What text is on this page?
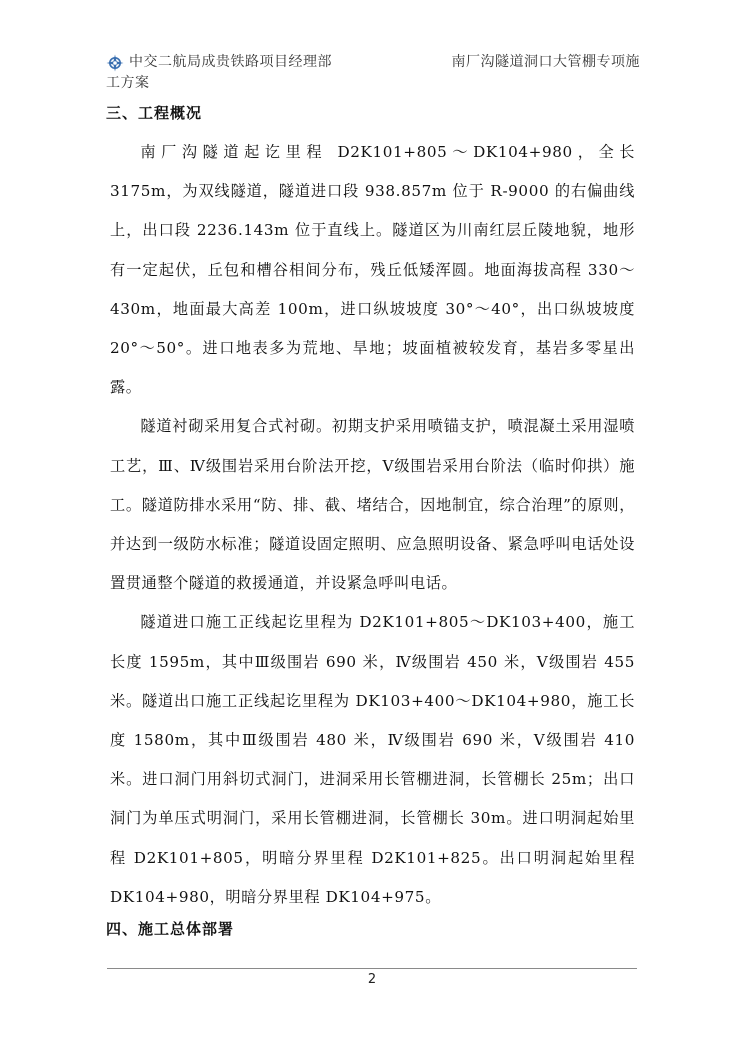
中交二航局成贵铁路项目经理部	南厂沟隧道洞口大管棚专项施
工方案
三、工程概况

南厂沟隧道起讫里程 D2K101+805～DK104+980，全长 3175m，为双线隧道，隧道进口段 938.857m 位于 R-9000 的右偏曲线上，出口段 2236.143m 位于直线上。隧道区为川南红层丘陵地貌，地形有一定起伏，丘包和槽谷相间分布，残丘低矮浑圆。地面海拔高程 330～430m，地面最大高差 100m，进口纵坡坡度 30°～40°，出口纵坡坡度 20°～50°。进口地表多为荒地、旱地；坡面植被较发育，基岩多零星出露。

隧道衬砌采用复合式衬砌。初期支护采用喷锚支护，喷混凝土采用湿喷工艺，Ⅲ、Ⅳ级围岩采用台阶法开挖，Ⅴ级围岩采用台阶法（临时仰拱）施工。隧道防排水采用“防、排、截、堵结合，因地制宜，综合治理”的原则，并达到一级防水标准；隧道设固定照明、应急照明设备、紧急呼叫电话处设置贯通整个隧道的救援通道，并设紧急呼叫电话。

隧道进口施工正线起讫里程为 D2K101+805～DK103+400，施工长度 1595m，其中Ⅲ级围岩 690 米，Ⅳ级围岩 450 米，Ⅴ级围岩 455 米。隧道出口施工正线起讫里程为 DK103+400～DK104+980，施工长度 1580m，其中Ⅲ级围岩 480 米，Ⅳ级围岩 690 米，Ⅴ级围岩 410 米。进口洞门用斜切式洞门，进洞采用长管棚进洞，长管棚长 25m；出口洞门为单压式明洞门，采用长管棚进洞，长管棚长 30m。进口明洞起始里程 D2K101+805，明暗分界里程 D2K101+825。出口明洞起始里程 DK104+980，明暗分界里程 DK104+975。

四、施工总体部署
2
